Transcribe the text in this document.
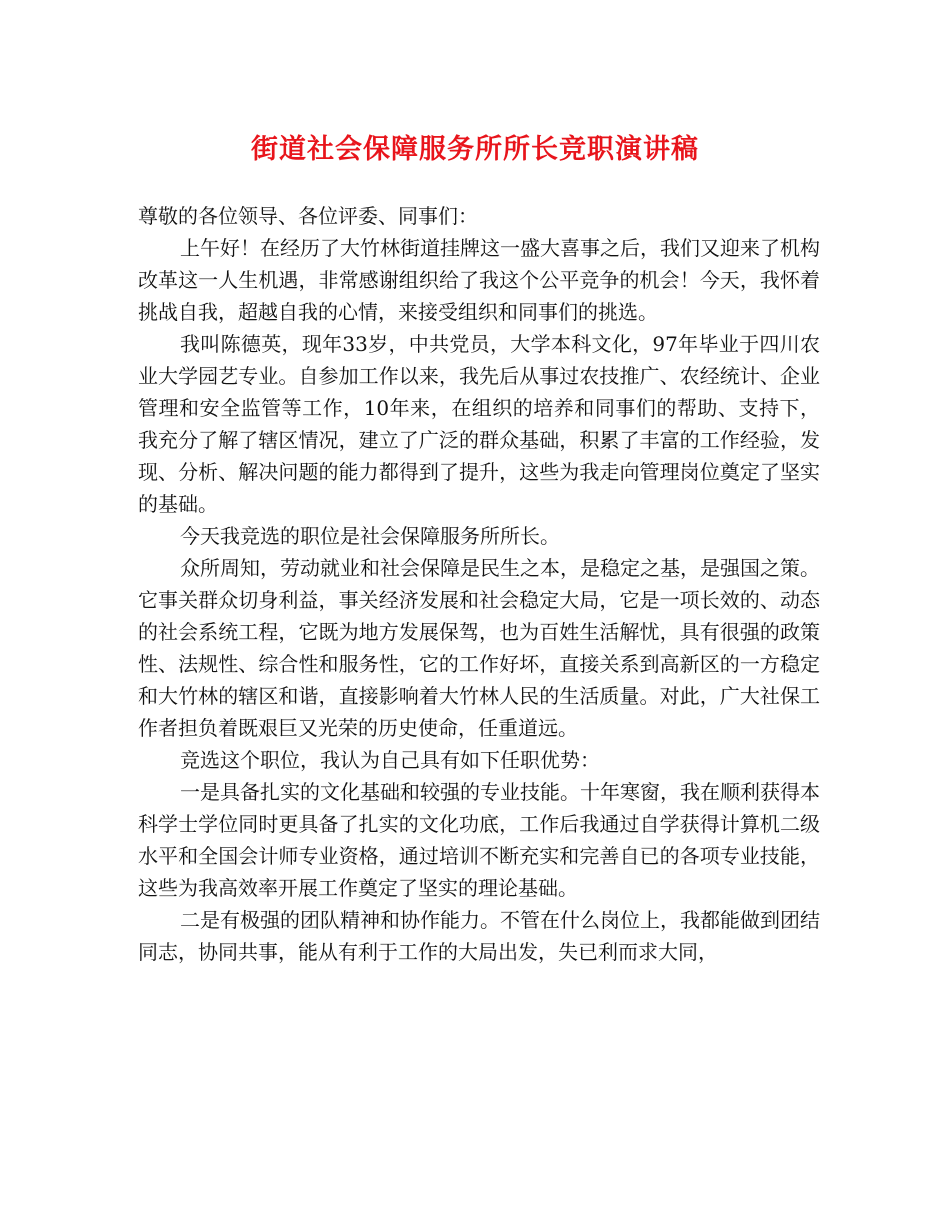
街道社会保障服务所所长竞职演讲稿

尊敬的各位领导、各位评委、同事们：

上午好！在经历了大竹林街道挂牌这一盛大喜事之后，我们又迎来了机构改革这一人生机遇，非常感谢组织给了我这个公平竞争的机会！今天，我怀着挑战自我，超越自我的心情，来接受组织和同事们的挑选。

我叫陈德英，现年33岁，中共党员，大学本科文化，97年毕业于四川农业大学园艺专业。自参加工作以来，我先后从事过农技推广、农经统计、企业管理和安全监管等工作，10年来，在组织的培养和同事们的帮助、支持下，我充分了解了辖区情况，建立了广泛的群众基础，积累了丰富的工作经验，发现、分析、解决问题的能力都得到了提升，这些为我走向管理岗位奠定了坚实的基础。

今天我竞选的职位是社会保障服务所所长。

众所周知，劳动就业和社会保障是民生之本，是稳定之基，是强国之策。它事关群众切身利益，事关经济发展和社会稳定大局，它是一项长效的、动态的社会系统工程，它既为地方发展保驾，也为百姓生活解忧，具有很强的政策性、法规性、综合性和服务性，它的工作好坏，直接关系到高新区的一方稳定和大竹林的辖区和谐，直接影响着大竹林人民的生活质量。对此，广大社保工作者担负着既艰巨又光荣的历史使命，任重道远。

竞选这个职位，我认为自己具有如下任职优势：

一是具备扎实的文化基础和较强的专业技能。十年寒窗，我在顺利获得本科学士学位同时更具备了扎实的文化功底，工作后我通过自学获得计算机二级水平和全国会计师专业资格，通过培训不断充实和完善自已的各项专业技能，这些为我高效率开展工作奠定了坚实的理论基础。

二是有极强的团队精神和协作能力。不管在什么岗位上，我都能做到团结同志，协同共事，能从有利于工作的大局出发，失已利而求大同，
